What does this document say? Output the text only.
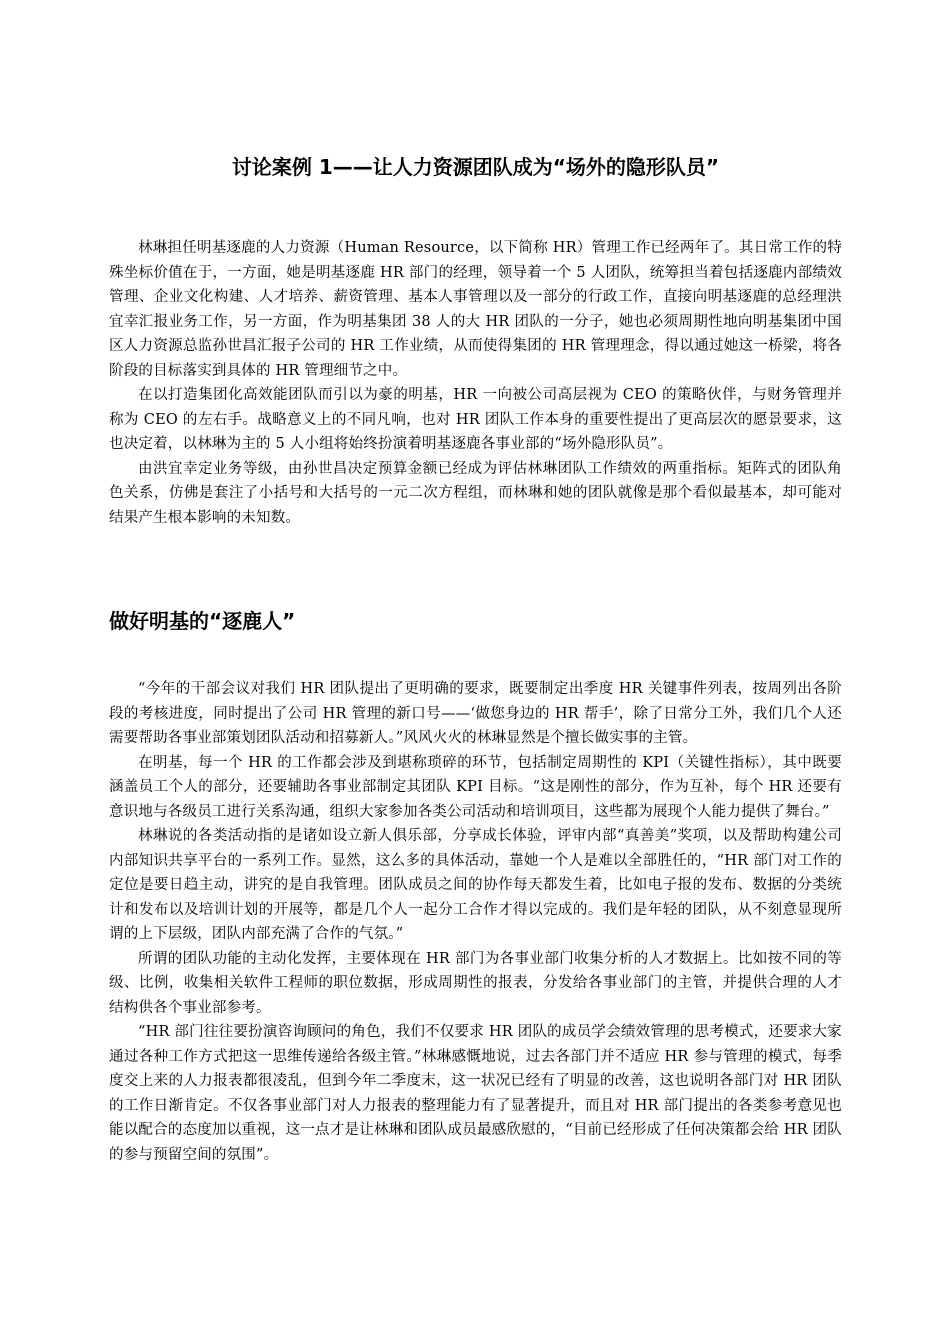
讨论案例 1——让人力资源团队成为“场外的隐形队员”

林琳担任明基逐鹿的人力资源（Human Resource，以下简称 HR）管理工作已经两年了。其日常工作的特殊坐标价值在于，一方面，她是明基逐鹿 HR 部门的经理，领导着一个 5 人团队，统筹担当着包括逐鹿内部绩效管理、企业文化构建、人才培养、薪资管理、基本人事管理以及一部分的行政工作，直接向明基逐鹿的总经理洪宜幸汇报业务工作，另一方面，作为明基集团 38 人的大 HR 团队的一分子，她也必须周期性地向明基集团中国区人力资源总监孙世昌汇报子公司的 HR 工作业绩，从而使得集团的 HR 管理理念，得以通过她这一桥梁，将各阶段的目标落实到具体的 HR 管理细节之中。

在以打造集团化高效能团队而引以为豪的明基，HR 一向被公司高层视为 CEO 的策略伙伴，与财务管理并称为 CEO 的左右手。战略意义上的不同凡响，也对 HR 团队工作本身的重要性提出了更高层次的愿景要求，这也决定着，以林琳为主的 5 人小组将始终扮演着明基逐鹿各事业部的“场外隐形队员”。

由洪宜幸定业务等级，由孙世昌决定预算金额已经成为评估林琳团队工作绩效的两重指标。矩阵式的团队角色关系，仿佛是套注了小括号和大括号的一元二次方程组，而林琳和她的团队就像是那个看似最基本，却可能对结果产生根本影响的未知数。

做好明基的“逐鹿人”

“今年的干部会议对我们 HR 团队提出了更明确的要求，既要制定出季度 HR 关键事件列表，按周列出各阶段的考核进度，同时提出了公司 HR 管理的新口号——‘做您身边的 HR 帮手’，除了日常分工外，我们几个人还需要帮助各事业部策划团队活动和招募新人。”风风火火的林琳显然是个擅长做实事的主管。

在明基，每一个 HR 的工作都会涉及到堪称琐碎的环节，包括制定周期性的 KPI（关键性指标），其中既要涵盖员工个人的部分，还要辅助各事业部制定其团队 KPI 目标。“这是刚性的部分，作为互补，每个 HR 还要有意识地与各级员工进行关系沟通，组织大家参加各类公司活动和培训项目，这些都为展现个人能力提供了舞台。”

林琳说的各类活动指的是诸如设立新人俱乐部，分享成长体验，评审内部“真善美”奖项，以及帮助构建公司内部知识共享平台的一系列工作。显然，这么多的具体活动，靠她一个人是难以全部胜任的，“HR 部门对工作的定位是要日趋主动，讲究的是自我管理。团队成员之间的协作每天都发生着，比如电子报的发布、数据的分类统计和发布以及培训计划的开展等，都是几个人一起分工合作才得以完成的。我们是年轻的团队，从不刻意显现所谓的上下层级，团队内部充满了合作的气氛。”

所谓的团队功能的主动化发挥，主要体现在 HR 部门为各事业部门收集分析的人才数据上。比如按不同的等级、比例，收集相关软件工程师的职位数据，形成周期性的报表，分发给各事业部门的主管，并提供合理的人才结构供各个事业部参考。

“HR 部门往往要扮演咨询顾问的角色，我们不仅要求 HR 团队的成员学会绩效管理的思考模式，还要求大家通过各种工作方式把这一思维传递给各级主管。”林琳感慨地说，过去各部门并不适应 HR 参与管理的模式，每季度交上来的人力报表都很凌乱，但到今年二季度末，这一状况已经有了明显的改善，这也说明各部门对 HR 团队的工作日渐肯定。不仅各事业部门对人力报表的整理能力有了显著提升，而且对 HR 部门提出的各类参考意见也能以配合的态度加以重视，这一点才是让林琳和团队成员最感欣慰的，“目前已经形成了任何决策都会给 HR 团队的参与预留空间的氛围”。
